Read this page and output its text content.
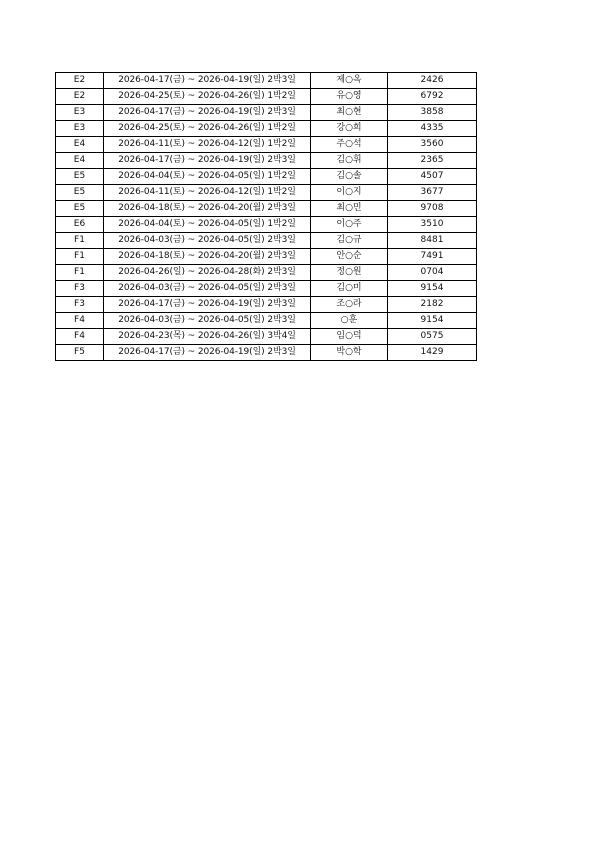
E2	2026-04-17(금) ~ 2026-04-19(일) 2박3일	제○옥	2426
E2	2026-04-25(토) ~ 2026-04-26(일) 1박2일	유○영	6792
E3	2026-04-17(금) ~ 2026-04-19(일) 2박3일	최○현	3858
E3	2026-04-25(토) ~ 2026-04-26(일) 1박2일	강○희	4335
E4	2026-04-11(토) ~ 2026-04-12(일) 1박2일	주○석	3560
E4	2026-04-17(금) ~ 2026-04-19(일) 2박3일	김○휘	2365
E5	2026-04-04(토) ~ 2026-04-05(일) 1박2일	김○솔	4507
E5	2026-04-11(토) ~ 2026-04-12(일) 1박2일	이○지	3677
E5	2026-04-18(토) ~ 2026-04-20(월) 2박3일	최○민	9708
E6	2026-04-04(토) ~ 2026-04-05(일) 1박2일	이○주	3510
F1	2026-04-03(금) ~ 2026-04-05(일) 2박3일	김○규	8481
F1	2026-04-18(토) ~ 2026-04-20(월) 2박3일	안○순	7491
F1	2026-04-26(일) ~ 2026-04-28(화) 2박3일	정○원	0704
F3	2026-04-03(금) ~ 2026-04-05(일) 2박3일	김○미	9154
F3	2026-04-17(금) ~ 2026-04-19(일) 2박3일	조○라	2182
F4	2026-04-03(금) ~ 2026-04-05(일) 2박3일	○훈	9154
F4	2026-04-23(목) ~ 2026-04-26(일) 3박4일	임○덕	0575
F5	2026-04-17(금) ~ 2026-04-19(일) 2박3일	박○학	1429
